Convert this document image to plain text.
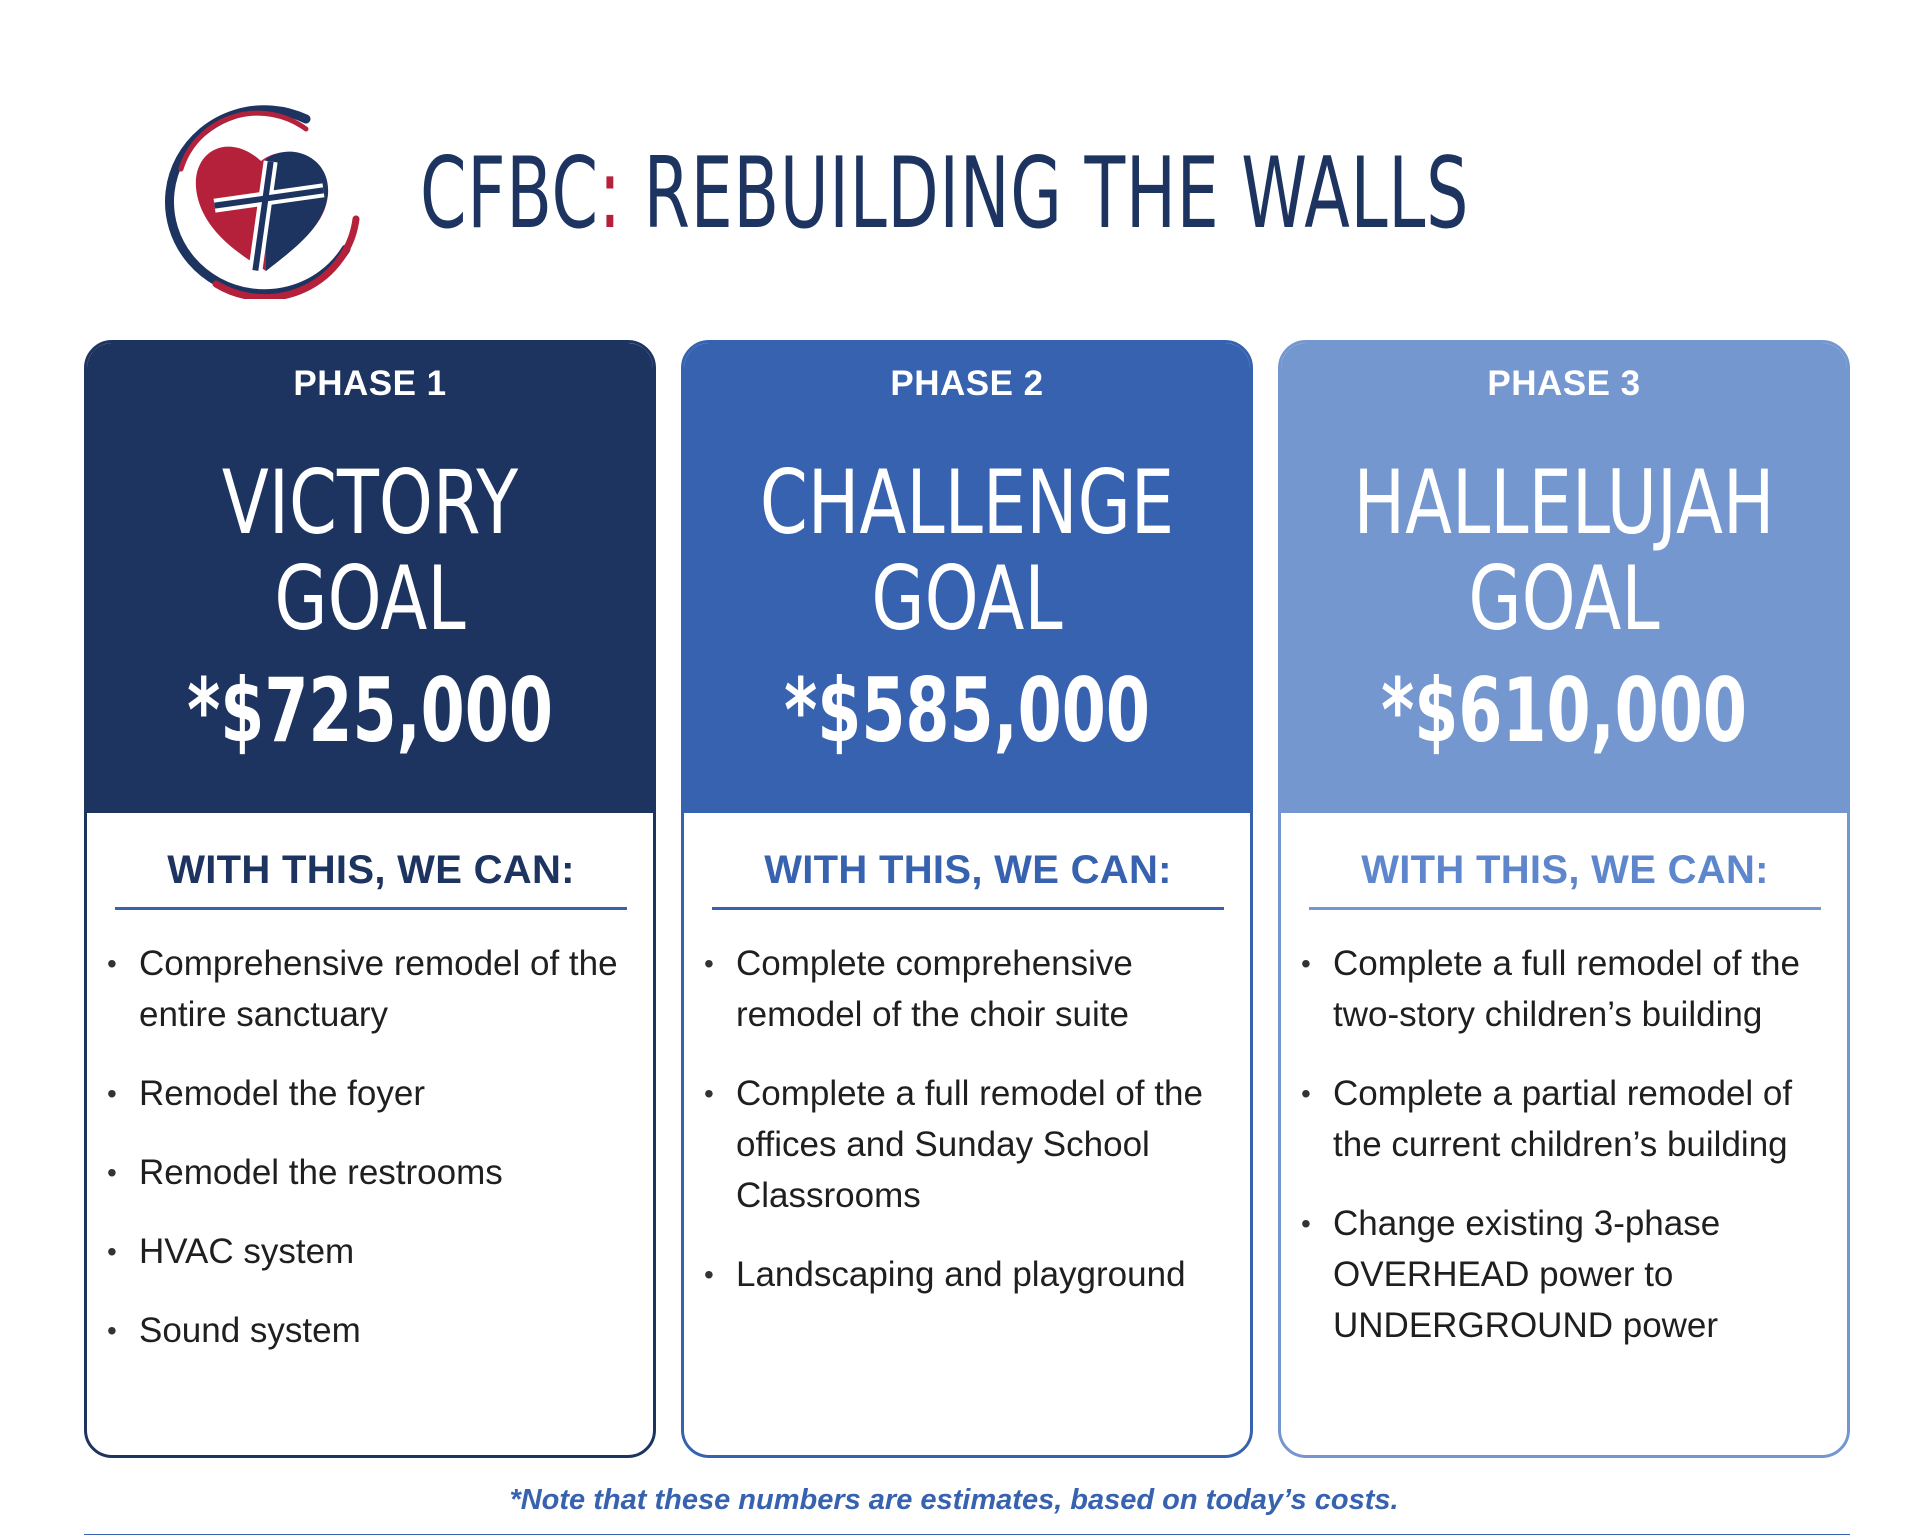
CFBC: REBUILDING THE WALLS
PHASE 1
VICTORY
GOAL
*$725,000
WITH THIS, WE CAN:
• Comprehensive remodel of the entire sanctuary
• Remodel the foyer
• Remodel the restrooms
• HVAC system
• Sound system
PHASE 2
CHALLENGE
GOAL
*$585,000
WITH THIS, WE CAN:
• Complete comprehensive remodel of the choir suite
• Complete a full remodel of the offices and Sunday School Classrooms
• Landscaping and playground
PHASE 3
HALLELUJAH
GOAL
*$610,000
WITH THIS, WE CAN:
• Complete a full remodel of the two-story children’s building
• Complete a partial remodel of the current children’s building
• Change existing 3-phase OVERHEAD power to UNDERGROUND power
*Note that these numbers are estimates, based on today’s costs.
